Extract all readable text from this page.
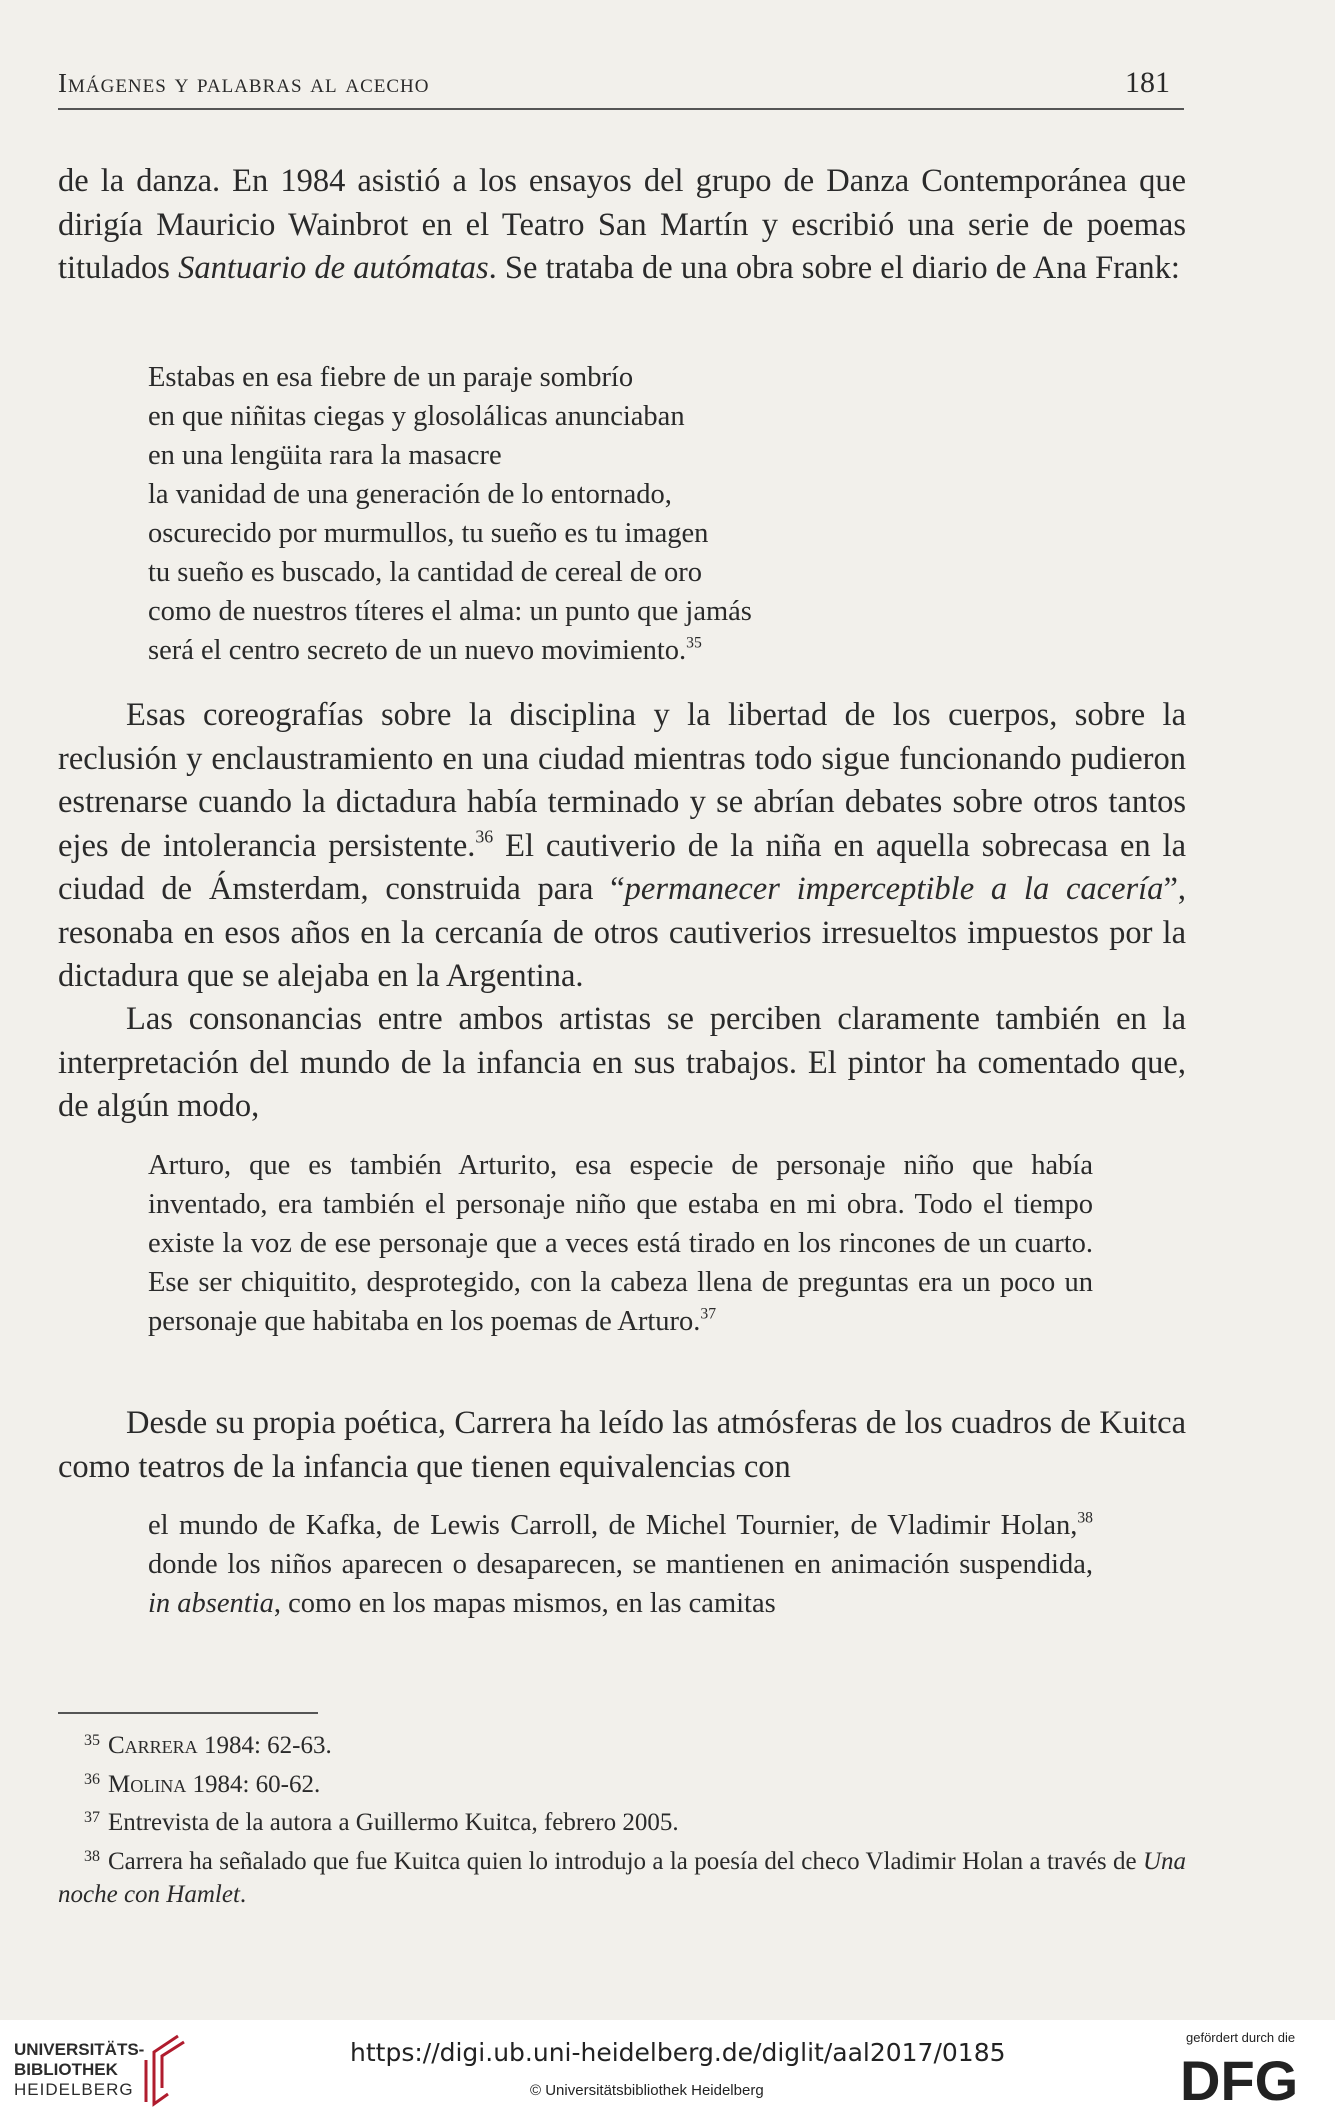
Imágenes y palabras al acecho	181

de la danza. En 1984 asistió a los ensayos del grupo de Danza Contemporánea que dirigía Mauricio Wainbrot en el Teatro San Martín y escribió una serie de poemas titulados Santuario de autómatas. Se trataba de una obra sobre el diario de Ana Frank:

Estabas en esa fiebre de un paraje sombrío
en que niñitas ciegas y glosolálicas anunciaban
en una lengüita rara la masacre
la vanidad de una generación de lo entornado,
oscurecido por murmullos, tu sueño es tu imagen
tu sueño es buscado, la cantidad de cereal de oro
como de nuestros títeres el alma: un punto que jamás
será el centro secreto de un nuevo movimiento.$^{35}$

Esas coreografías sobre la disciplina y la libertad de los cuerpos, sobre la reclusión y enclaustramiento en una ciudad mientras todo sigue funcionando pudieron estrenarse cuando la dictadura había terminado y se abrían debates sobre otros tantos ejes de intolerancia persistente.$^{36}$ El cautiverio de la niña en aquella sobrecasa en la ciudad de Ámsterdam, construida para “permanecer imperceptible a la cacería”, resonaba en esos años en la cercanía de otros cautiverios irresueltos impuestos por la dictadura que se alejaba en la Argentina.

Las consonancias entre ambos artistas se perciben claramente también en la interpretación del mundo de la infancia en sus trabajos. El pintor ha comentado que, de algún modo,

Arturo, que es también Arturito, esa especie de personaje niño que había inventado, era también el personaje niño que estaba en mi obra. Todo el tiempo existe la voz de ese personaje que a veces está tirado en los rincones de un cuarto. Ese ser chiquitito, desprotegido, con la cabeza llena de preguntas era un poco un personaje que habitaba en los poemas de Arturo.$^{37}$

Desde su propia poética, Carrera ha leído las atmósferas de los cuadros de Kuitca como teatros de la infancia que tienen equivalencias con

el mundo de Kafka, de Lewis Carroll, de Michel Tournier, de Vladimir Holan,$^{38}$ donde los niños aparecen o desaparecen, se mantienen en animación suspendida, in absentia, como en los mapas mismos, en las camitas
$^{35}$ Carrera 1984: 62-63.
$^{36}$ Molina 1984: 60-62.
$^{37}$ Entrevista de la autora a Guillermo Kuitca, febrero 2005.
$^{38}$ Carrera ha señalado que fue Kuitca quien lo introdujo a la poesía del checo Vladimir Holan a través de Una noche con Hamlet.
UNIVERSITÄTS-
BIBLIOTHEK
HEIDELBERG
https://digi.ub.uni-heidelberg.de/diglit/aal2017/0185
© Universitätsbibliothek Heidelberg
gefördert durch die
DFG
